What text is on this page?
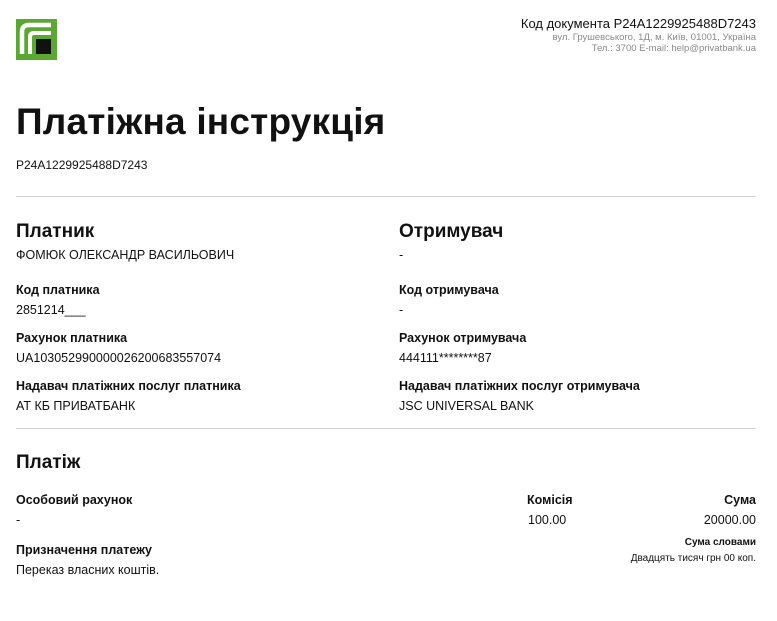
Код документа P24A1229925488D7243
вул. Грушевського, 1Д, м. Київ, 01001, Україна
Тел.: 3700 E-mail: help@privatbank.ua
Платіжна інструкція
P24A1229925488D7243
Платник
ФОМЮК ОЛЕКСАНДР ВАСИЛЬОВИЧ
Код платника
2851214___
Рахунок платника
UA103052990000026200683557074
Надавач платіжних послуг платника
АТ КБ ПРИВАТБАНК
Отримувач
-
Код отримувача
-
Рахунок отримувача
444111********87
Надавач платіжних послуг отримувача
JSC UNIVERSAL BANK
Платіж
Особовий рахунок
-
Комісія
100.00
Сума
20000.00
Призначення платежу
Переказ власних коштів.
Сума словами
Двадцять тисяч грн 00 коп.
